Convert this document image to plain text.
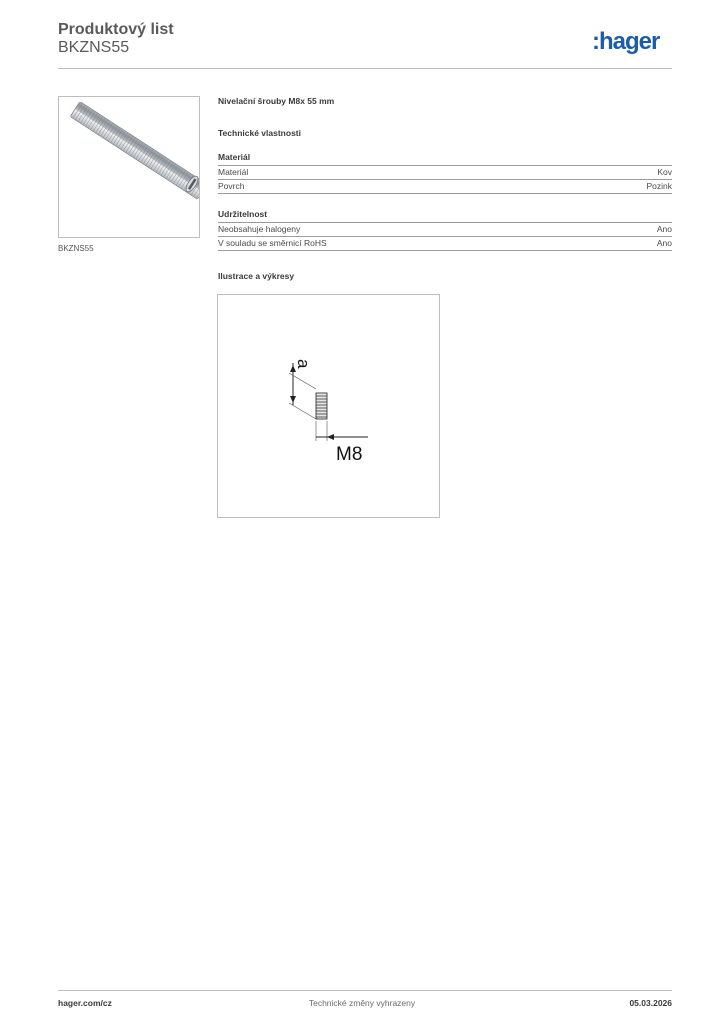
Produktový list
BKZNS55	:hager
BKZNS55
Nivelační šrouby M8x 55 mm
Technické vlastnosti
Materiál
Materiál	Kov
Povrch	Pozink
Udržitelnost
Neobsahuje halogeny	Ano
V souladu se směrnicí RoHS	Ano
Ilustrace a výkresy
a
M8
hager.com/cz	Technické změny vyhrazeny	05.03.2026
